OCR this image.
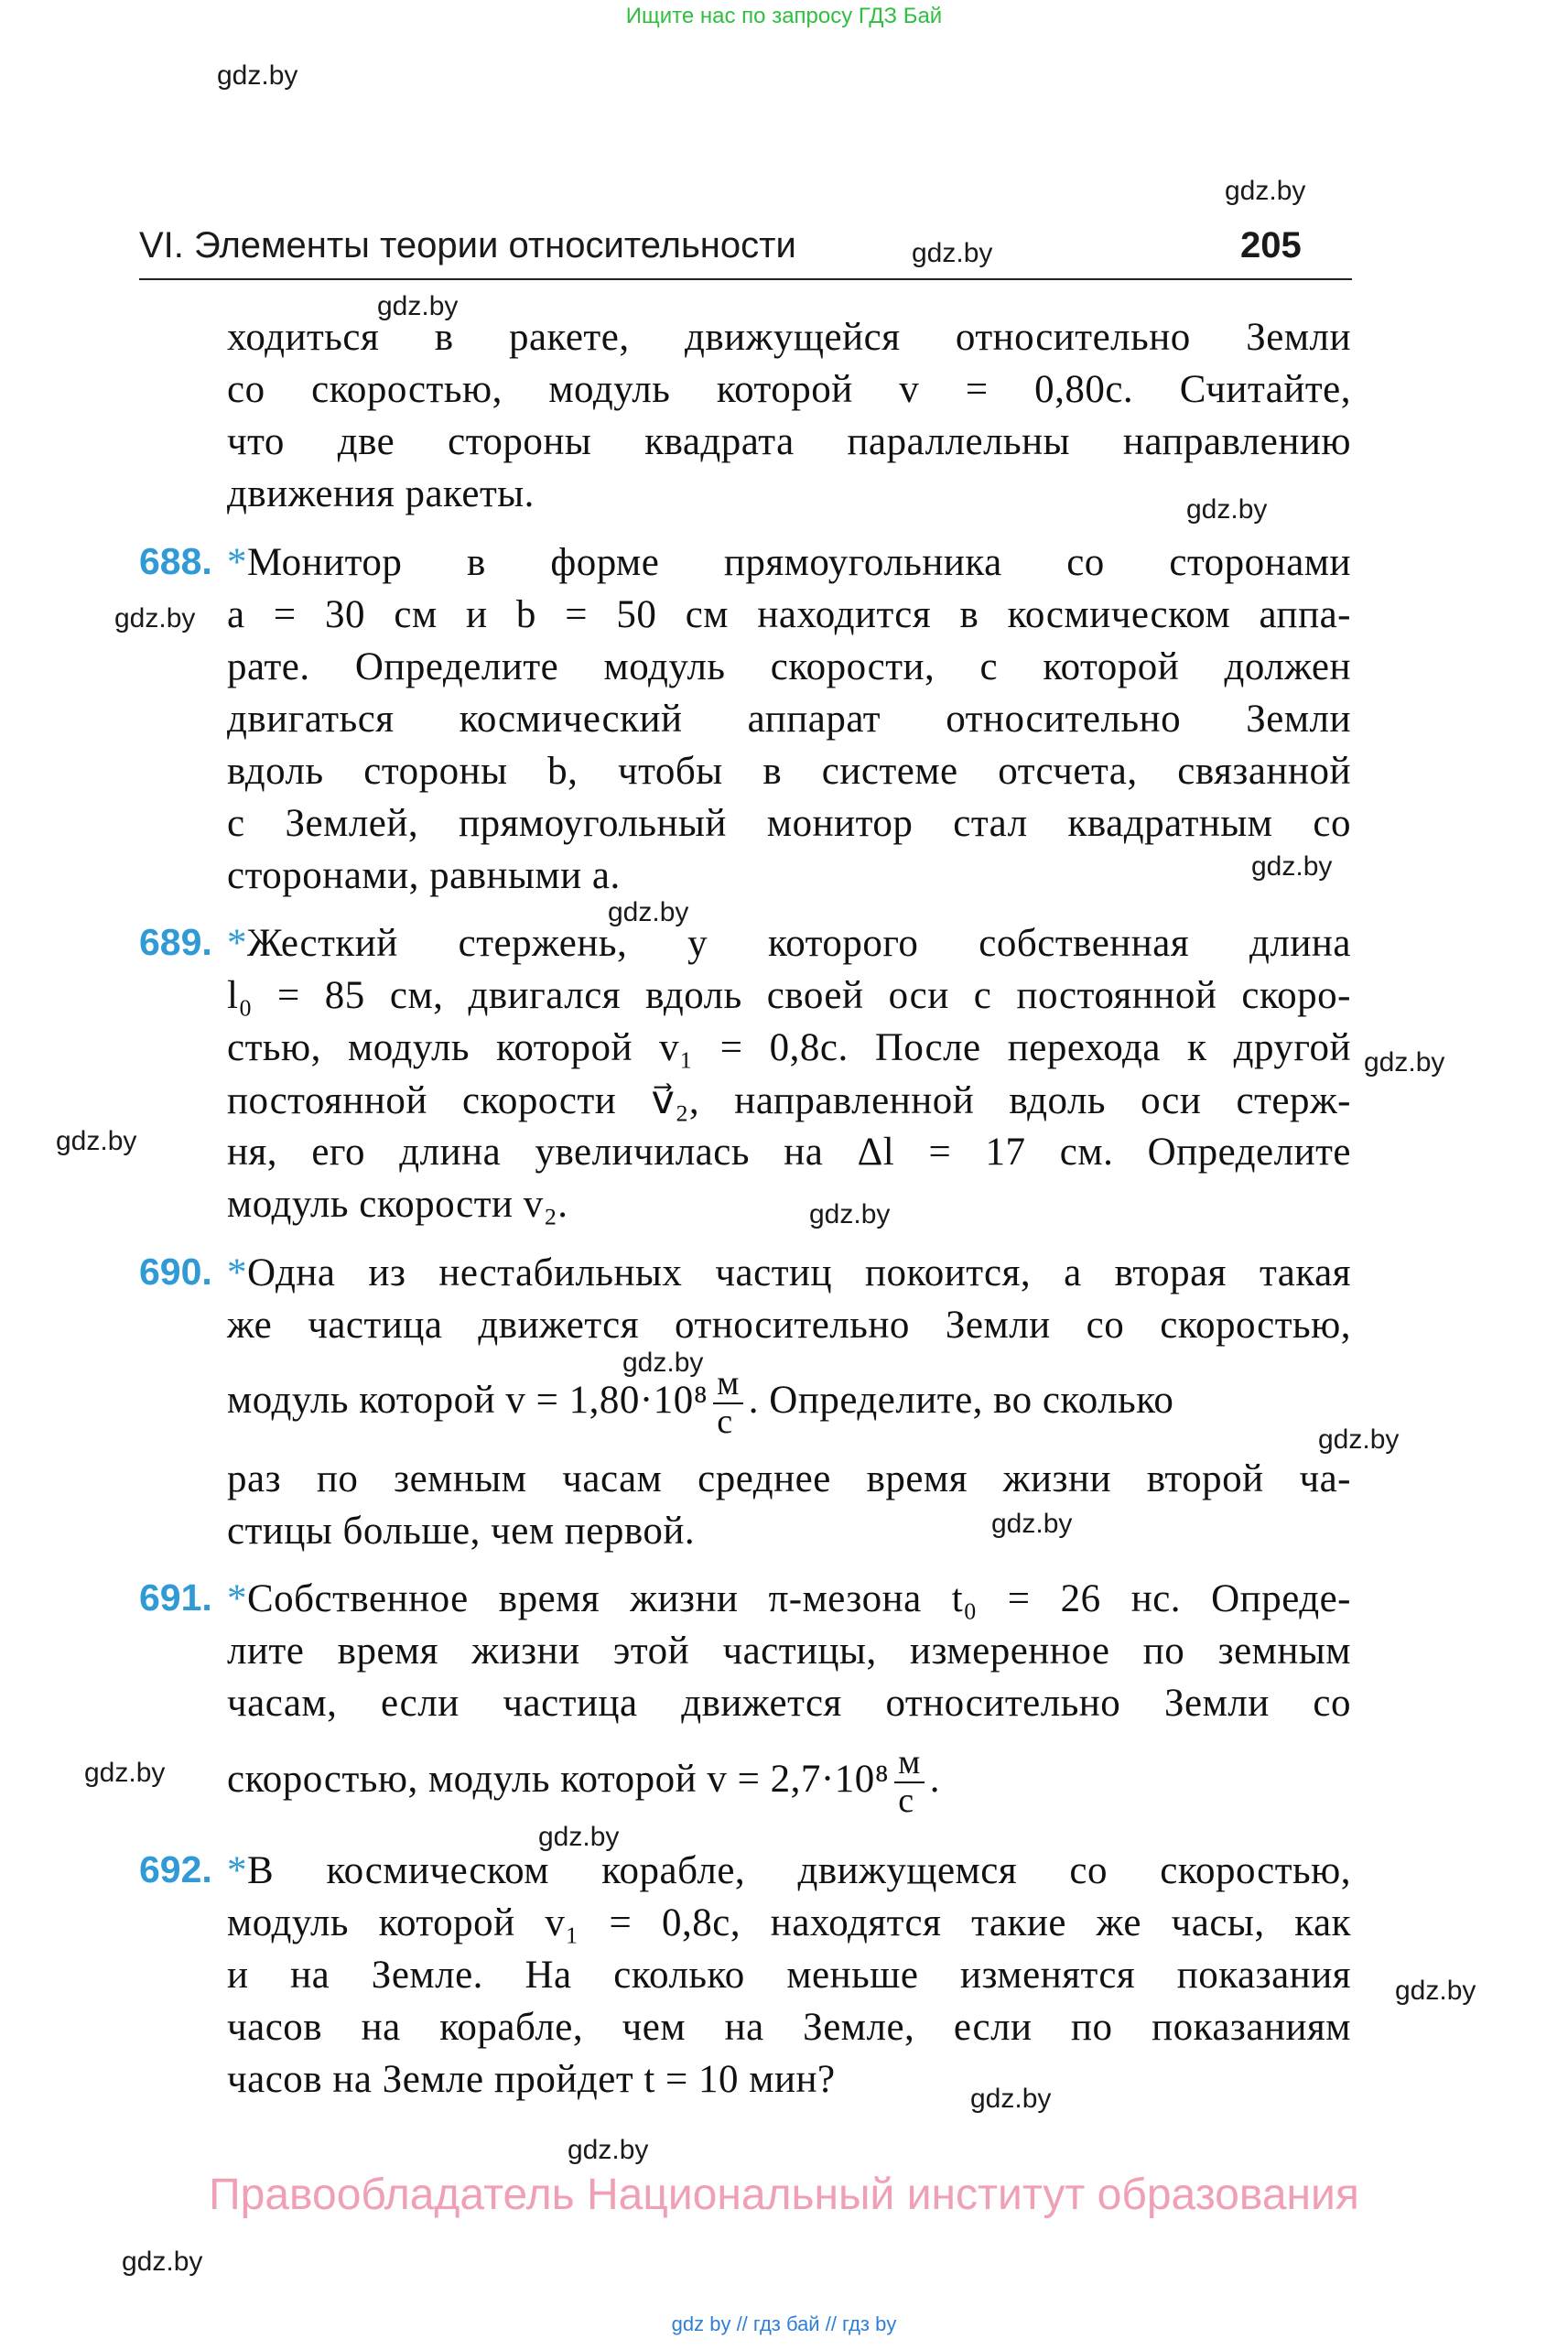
Ищите нас по запросу ГДЗ Бай
gdz.by
gdz.by
gdz.by
gdz.by
gdz.by
gdz.by
gdz.by
gdz.by
gdz.by
gdz.by
gdz.by
gdz.by
gdz.by
gdz.by
gdz.by
gdz.by
gdz.by
gdz.by
gdz.by
gdz.by
VI. Элементы теории относительности	205
ходиться в ракете, движущейся относительно Земли
со скоростью, модуль которой v = 0,80c. Считайте,
что две стороны квадрата параллельны направлению
движения ракеты.
688. *Монитор в форме прямоугольника со сторонами
a = 30 см и b = 50 см находится в космическом аппа-
рате. Определите модуль скорости, с которой должен
двигаться космический аппарат относительно Земли
вдоль стороны b, чтобы в системе отсчета, связанной
с Землей, прямоугольный монитор стал квадратным со
сторонами, равными a.
689. *Жесткий стержень, у которого собственная длина
l₀ = 85 см, двигался вдоль своей оси с постоянной скоро-
стью, модуль которой v₁ = 0,8c. После перехода к другой
постоянной скорости v⃗₂, направленной вдоль оси стерж-
ня, его длина увеличилась на Δl = 17 см. Определите
модуль скорости v₂.
690. *Одна из нестабильных частиц покоится, а вторая такая
же частица движется относительно Земли со скоростью,
модуль которой $v = 1,80\cdot 10^8 \frac{м}{с}$ . Определите, во сколько
раз по земным часам среднее время жизни второй ча-
стицы больше, чем первой.
691. *Собственное время жизни π-мезона t₀ = 26 нс. Опреде-
лите время жизни этой частицы, измеренное по земным
часам, если частица движется относительно Земли со
скоростью, модуль которой $v = 2,7\cdot 10^8 \frac{м}{с}$ .
692. *В космическом корабле, движущемся со скоростью,
модуль которой v₁ = 0,8c, находятся такие же часы, как
и на Земле. На сколько меньше изменятся показания
часов на корабле, чем на Земле, если по показаниям
часов на Земле пройдет t = 10 мин?
Правообладатель Национальный институт образования
gdz by // гдз бай // гдз by
